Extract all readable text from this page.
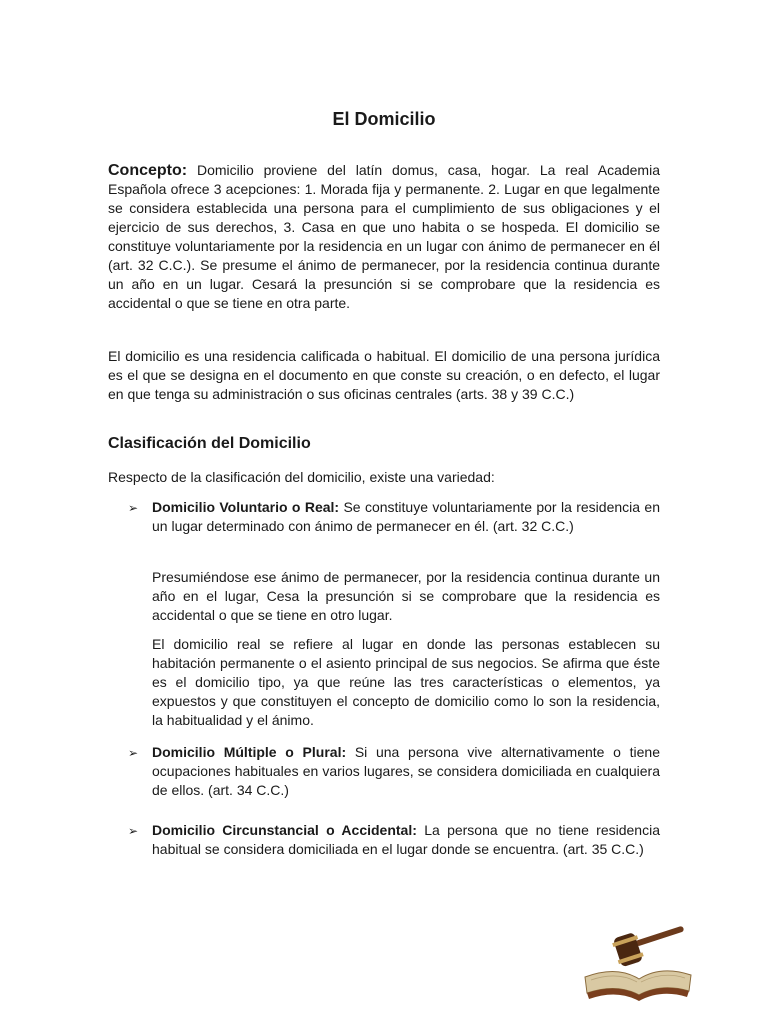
El Domicilio

Concepto: Domicilio proviene del latín domus, casa, hogar. La real Academia Española ofrece 3 acepciones: 1. Morada fija y permanente. 2. Lugar en que legalmente se considera establecida una persona para el cumplimiento de sus obligaciones y el ejercicio de sus derechos, 3. Casa en que uno habita o se hospeda. El domicilio se constituye voluntariamente por la residencia en un lugar con ánimo de permanecer en él (art. 32 C.C.). Se presume el ánimo de permanecer, por la residencia continua durante un año en un lugar. Cesará la presunción si se comprobare que la residencia es accidental o que se tiene en otra parte.

El domicilio es una residencia calificada o habitual. El domicilio de una persona jurídica es el que se designa en el documento en que conste su creación, o en defecto, el lugar en que tenga su administración o sus oficinas centrales (arts. 38 y 39 C.C.)

Clasificación del Domicilio

Respecto de la clasificación del domicilio, existe una variedad:

➢ Domicilio Voluntario o Real: Se constituye voluntariamente por la residencia en un lugar determinado con ánimo de permanecer en él. (art. 32 C.C.)

Presumiéndose ese ánimo de permanecer, por la residencia continua durante un año en el lugar, Cesa la presunción si se comprobare que la residencia es accidental o que se tiene en otro lugar.

El domicilio real se refiere al lugar en donde las personas establecen su habitación permanente o el asiento principal de sus negocios. Se afirma que éste es el domicilio tipo, ya que reúne las tres características o elementos, ya expuestos y que constituyen el concepto de domicilio como lo son la residencia, la habitualidad y el ánimo.

➢ Domicilio Múltiple o Plural: Si una persona vive alternativamente o tiene ocupaciones habituales en varios lugares, se considera domiciliada en cualquiera de ellos. (art. 34 C.C.)

➢ Domicilio Circunstancial o Accidental: La persona que no tiene residencia habitual se considera domiciliada en el lugar donde se encuentra. (art. 35 C.C.)
